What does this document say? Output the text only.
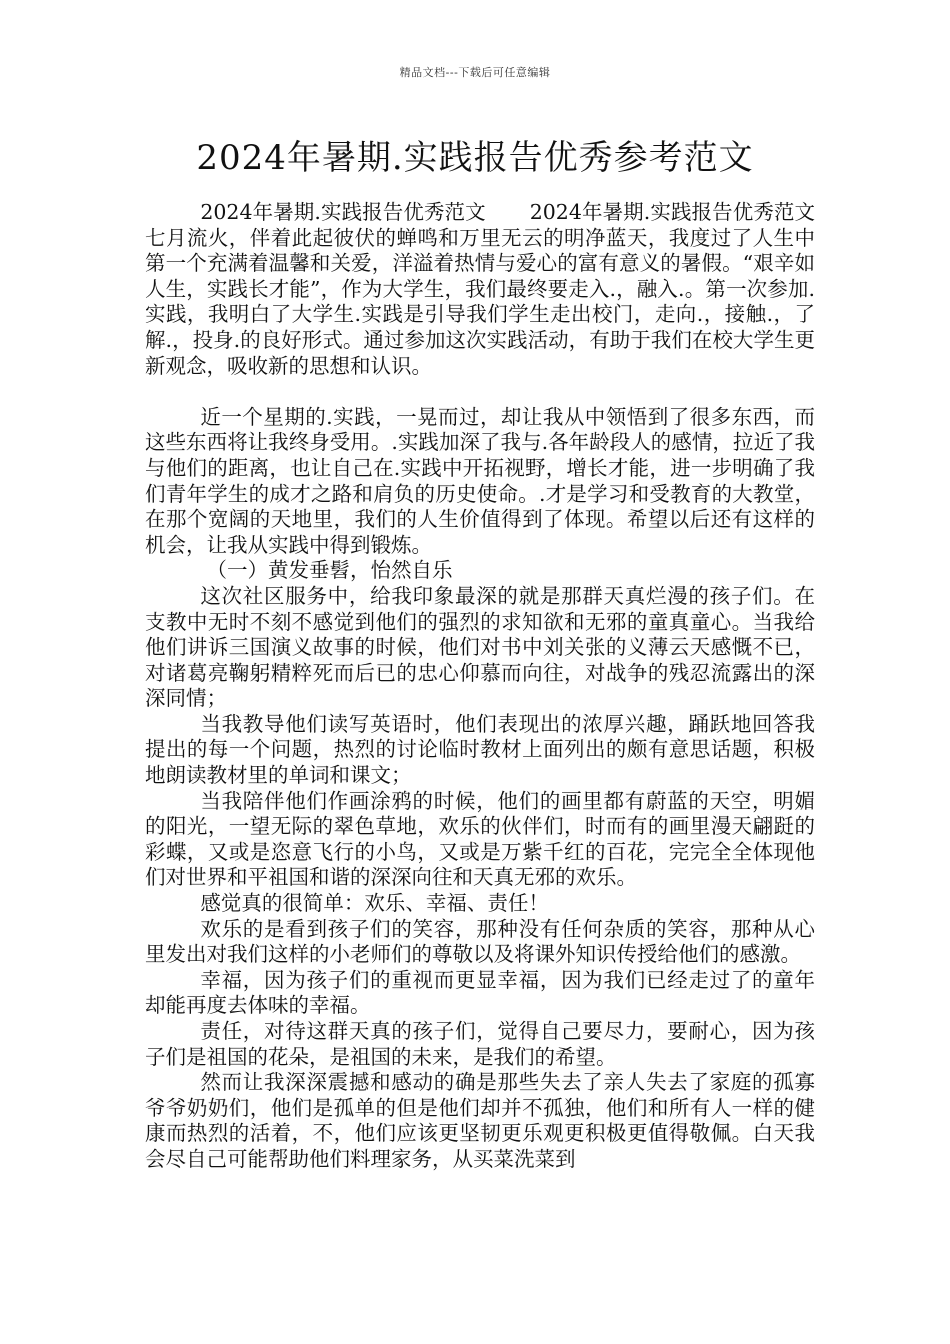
精品文档---下载后可任意编辑
2024年暑期.实践报告优秀参考范文

2024年暑期.实践报告优秀范文 2024年暑期.实践报告优秀范文七月流火，伴着此起彼伏的蝉鸣和万里无云的明净蓝天，我度过了人生中第一个充满着温馨和关爱，洋溢着热情与爱心的富有意义的暑假。“艰辛如人生，实践长才能”，作为大学生，我们最终要走入.，融入.。第一次参加.实践，我明白了大学生.实践是引导我们学生走出校门，走向.，接触.，了解.，投身.的良好形式。通过参加这次实践活动，有助于我们在校大学生更新观念，吸收新的思想和认识。

近一个星期的.实践，一晃而过，却让我从中领悟到了很多东西，而这些东西将让我终身受用。.实践加深了我与.各年龄段人的感情，拉近了我与他们的距离，也让自己在.实践中开拓视野，增长才能，进一步明确了我们青年学生的成才之路和肩负的历史使命。.才是学习和受教育的大教堂，在那个宽阔的天地里，我们的人生价值得到了体现。希望以后还有这样的机会，让我从实践中得到锻炼。

（一）黄发垂髫，怡然自乐

这次社区服务中，给我印象最深的就是那群天真烂漫的孩子们。在支教中无时不刻不感觉到他们的强烈的求知欲和无邪的童真童心。当我给他们讲诉三国演义故事的时候，他们对书中刘关张的义薄云天感慨不已，对诸葛亮鞠躬精粹死而后已的忠心仰慕而向往，对战争的残忍流露出的深深同情；

当我教导他们读写英语时，他们表现出的浓厚兴趣，踊跃地回答我提出的每一个问题，热烈的讨论临时教材上面列出的颇有意思话题，积极地朗读教材里的单词和课文；

当我陪伴他们作画涂鸦的时候，他们的画里都有蔚蓝的天空，明媚的阳光，一望无际的翠色草地，欢乐的伙伴们，时而有的画里漫天翩跹的彩蝶，又或是恣意飞行的小鸟，又或是万紫千红的百花，完完全全体现他们对世界和平祖国和谐的深深向往和天真无邪的欢乐。

感觉真的很简单：欢乐、幸福、责任！

欢乐的是看到孩子们的笑容，那种没有任何杂质的笑容，那种从心里发出对我们这样的小老师们的尊敬以及将课外知识传授给他们的感激。

幸福，因为孩子们的重视而更显幸福，因为我们已经走过了的童年却能再度去体味的幸福。

责任，对待这群天真的孩子们，觉得自己要尽力，要耐心，因为孩子们是祖国的花朵，是祖国的未来，是我们的希望。

然而让我深深震撼和感动的确是那些失去了亲人失去了家庭的孤寡爷爷奶奶们，他们是孤单的但是他们却并不孤独，他们和所有人一样的健康而热烈的活着，不，他们应该更坚韧更乐观更积极更值得敬佩。白天我会尽自己可能帮助他们料理家务，从买菜洗菜到
